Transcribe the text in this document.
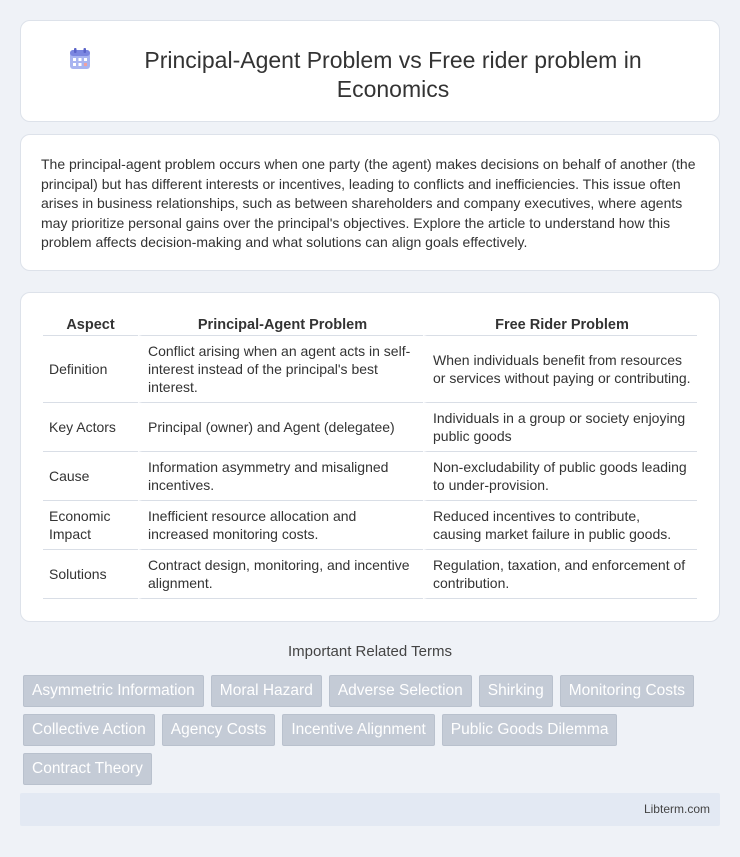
Principal-Agent Problem vs Free rider problem in Economics

The principal-agent problem occurs when one party (the agent) makes decisions on behalf of another (the principal) but has different interests or incentives, leading to conflicts and inefficiencies. This issue often arises in business relationships, such as between shareholders and company executives, where agents may prioritize personal gains over the principal's objectives. Explore the article to understand how this problem affects decision-making and what solutions can align goals effectively.

Aspect	Principal-Agent Problem	Free Rider Problem
Definition	Conflict arising when an agent acts in self-interest instead of the principal's best interest.	When individuals benefit from resources or services without paying or contributing.
Key Actors	Principal (owner) and Agent (delegatee)	Individuals in a group or society enjoying public goods
Cause	Information asymmetry and misaligned incentives.	Non-excludability of public goods leading to under-provision.
Economic Impact	Inefficient resource allocation and increased monitoring costs.	Reduced incentives to contribute, causing market failure in public goods.
Solutions	Contract design, monitoring, and incentive alignment.	Regulation, taxation, and enforcement of contribution.
Important Related Terms
Asymmetric Information	Moral Hazard	Adverse Selection	Shirking	Monitoring Costs
Collective Action	Agency Costs	Incentive Alignment	Public Goods Dilemma
Contract Theory
Libterm.com
